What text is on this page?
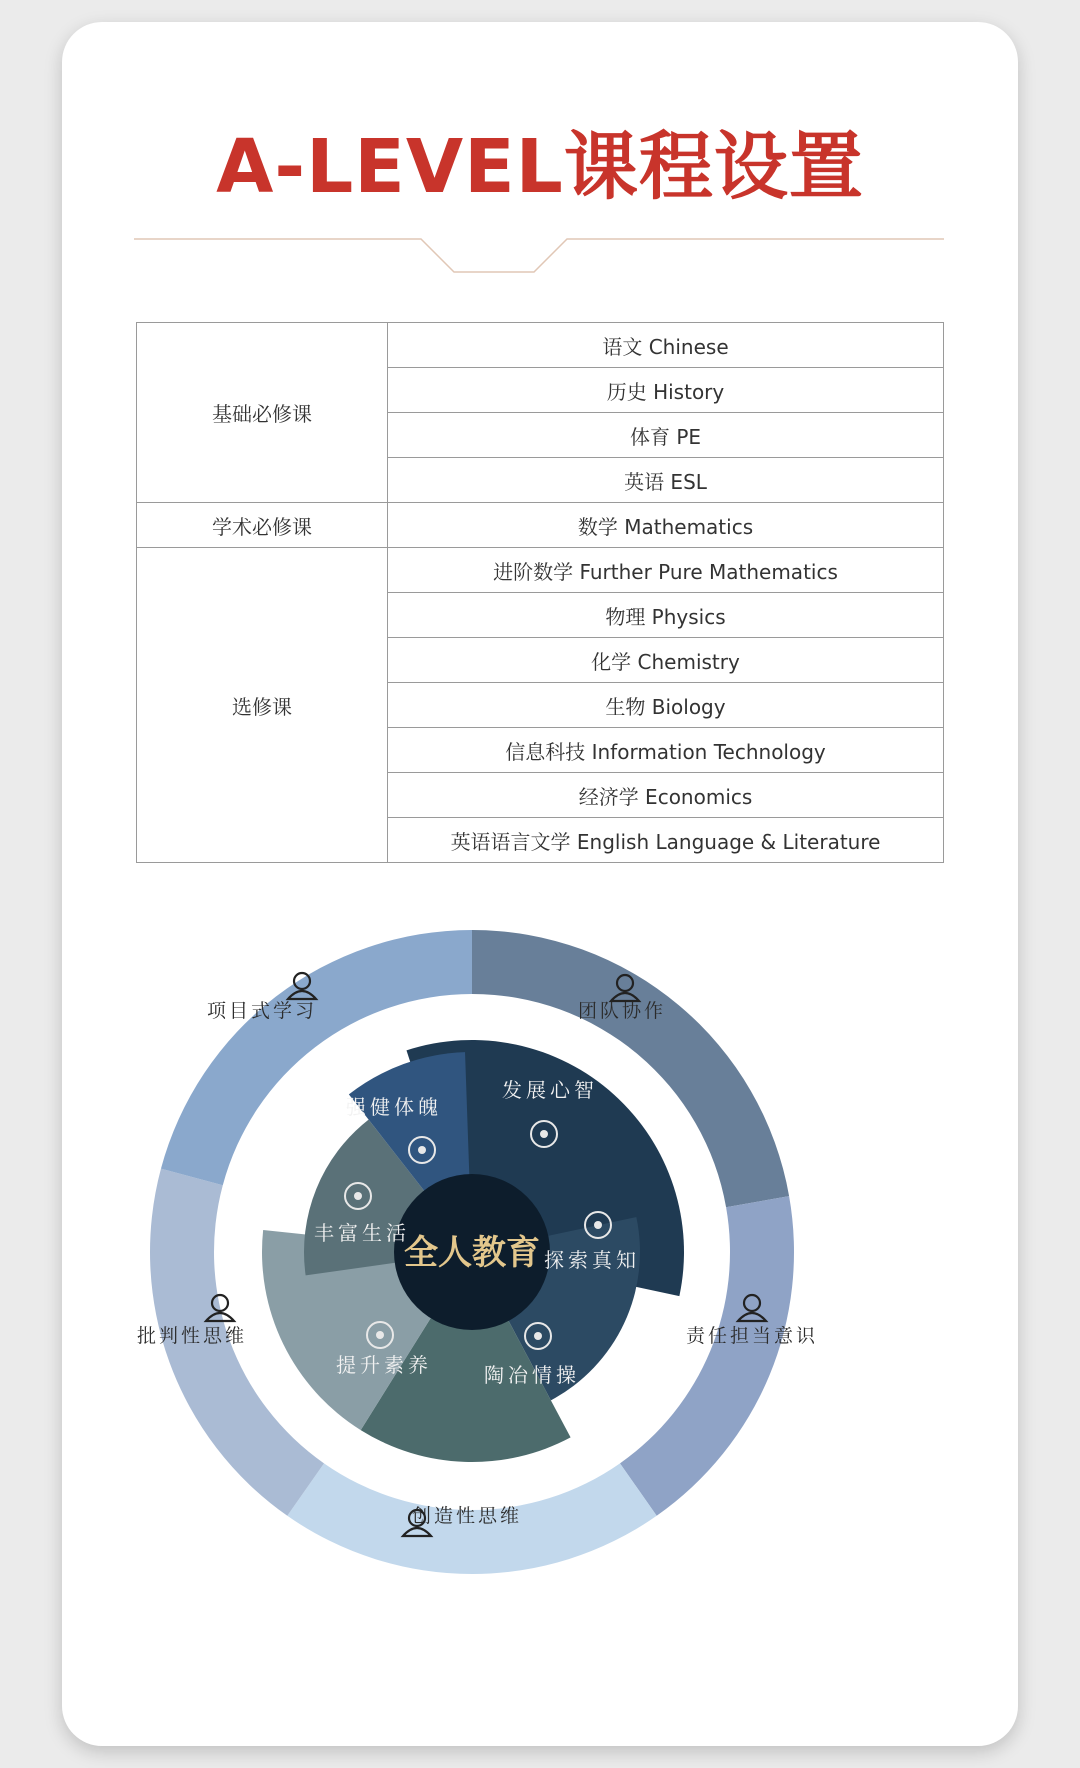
A-LEVEL课程设置
基础必修课	语文 Chinese
	历史 History
	体育 PE
	英语 ESL
学术必修课	数学 Mathematics
选修课	进阶数学 Further Pure Mathematics
	物理 Physics
	化学 Chemistry
	生物 Biology
	信息科技 Information Technology
	经济学 Economics
	英语语言文学 English Language & Literature
全人教育
发展心智
探索真知
陶冶情操
提升素养
丰富生活
强健体魄
团队协作
责任担当意识
创造性思维
批判性思维
项目式学习
